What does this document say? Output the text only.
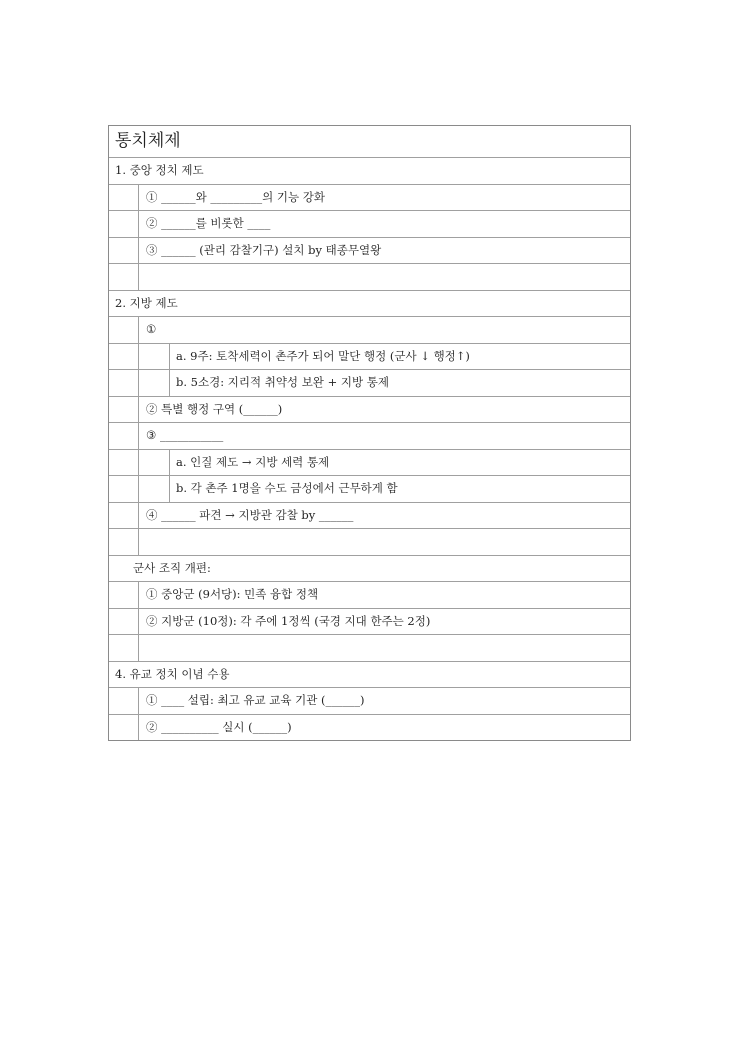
통치체제
1. 중앙 정치 제도
① ______와 _________의 기능 강화
② ______를 비롯한 ____
③ ______ (관리 감찰기구) 설치 by 태종무열왕
2. 지방 제도
①
a. 9주: 토착세력이 촌주가 되어 말단 행정 (군사 ↓ 행정↑)
b. 5소경: 지리적 취약성 보완 + 지방 통제
② 특별 행정 구역 (______)
③ ___________
a. 인질 제도 → 지방 세력 통제
b. 각 촌주 1명을 수도 금성에서 근무하게 함
④ ______ 파견 → 지방관 감찰 by ______
군사 조직 개편:
① 중앙군 (9서당): 민족 융합 정책
② 지방군 (10정): 각 주에 1정씩 (국경 지대 한주는 2정)
4. 유교 정치 이념 수용
① ____ 설립: 최고 유교 교육 기관 (______)
② __________ 실시 (______)
